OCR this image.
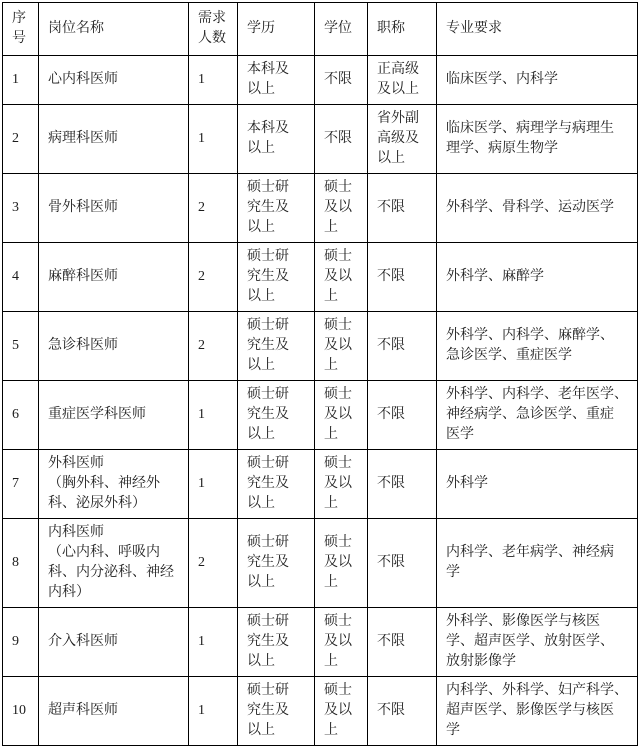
序
号	岗位名称	需求
人数	学历	学位	职称	专业要求
1	心内科医师	1	本科及
以上	不限	正高级
及以上	临床医学、内科学
2	病理科医师	1	本科及
以上	不限	省外副
高级及
以上	临床医学、病理学与病理生
理学、病原生物学
3	骨外科医师	2	硕士研
究生及
以上	硕士
及以
上	不限	外科学、骨科学、运动医学
4	麻醉科医师	2	硕士研
究生及
以上	硕士
及以
上	不限	外科学、麻醉学
5	急诊科医师	2	硕士研
究生及
以上	硕士
及以
上	不限	外科学、内科学、麻醉学、
急诊医学、重症医学
6	重症医学科医师	1	硕士研
究生及
以上	硕士
及以
上	不限	外科学、内科学、老年医学、
神经病学、急诊医学、重症
医学
7	外科医师
（胸外科、神经外
科、泌尿外科）	1	硕士研
究生及
以上	硕士
及以
上	不限	外科学
8	内科医师
（心内科、呼吸内
科、内分泌科、神经
内科）	2	硕士研
究生及
以上	硕士
及以
上	不限	内科学、老年病学、神经病
学
9	介入科医师	1	硕士研
究生及
以上	硕士
及以
上	不限	外科学、影像医学与核医
学、超声医学、放射医学、
放射影像学
10	超声科医师	1	硕士研
究生及
以上	硕士
及以
上	不限	内科学、外科学、妇产科学、
超声医学、影像医学与核医
学
